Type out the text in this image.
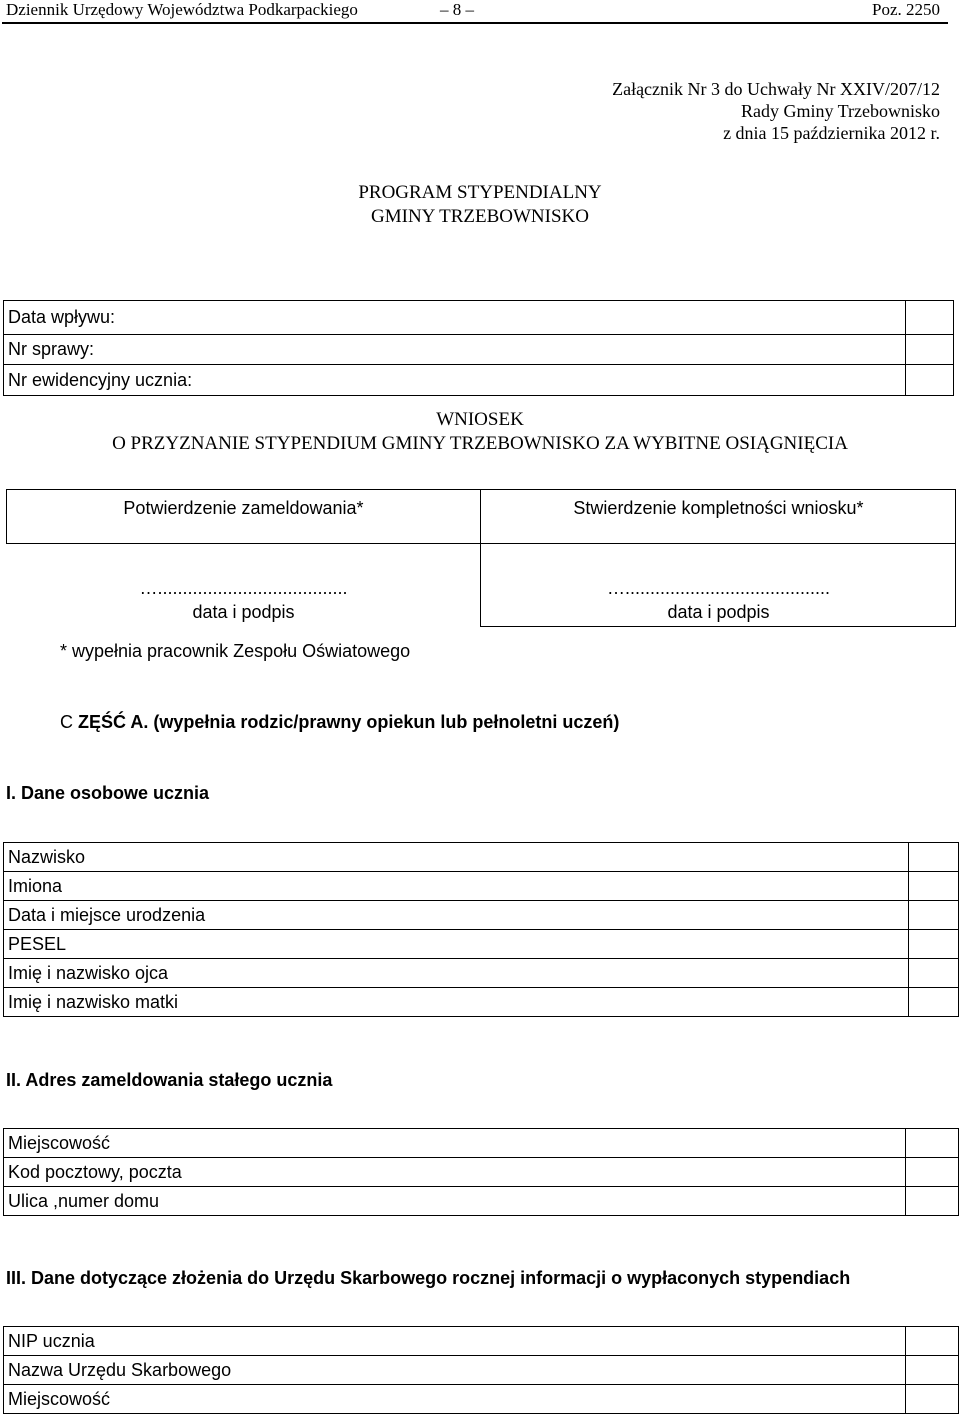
Dziennik Urzędowy Województwa Podkarpackiego	– 8 –	Poz. 2250
Załącznik Nr 3 do Uchwały Nr XXIV/207/12
Rady Gminy Trzebownisko
z dnia 15 października 2012 r.
PROGRAM STYPENDIALNY
GMINY TRZEBOWNISKO
Data wpływu:	
Nr sprawy:	
Nr ewidencyjny ucznia:	
WNIOSEK
O PRZYZNANIE STYPENDIUM GMINY TRZEBOWNISKO ZA WYBITNE OSIĄGNIĘCIA
Potwierdzenie zameldowania*	Stwierdzenie kompletności wniosku*
…......................................	….........................................
data i podpis	data i podpis
* wypełnia pracownik Zespołu Oświatowego
C ZĘŚĆ A. (wypełnia rodzic/prawny opiekun lub pełnoletni uczeń)
I. Dane osobowe ucznia
Nazwisko	
Imiona	
Data i miejsce urodzenia	
PESEL	
Imię i nazwisko ojca	
Imię i nazwisko matki	
II. Adres zameldowania stałego ucznia
Miejscowość	
Kod pocztowy, poczta	
Ulica ,numer domu	
III. Dane dotyczące złożenia do Urzędu Skarbowego rocznej informacji o wypłaconych stypendiach
NIP ucznia	
Nazwa Urzędu Skarbowego	
Miejscowość	
